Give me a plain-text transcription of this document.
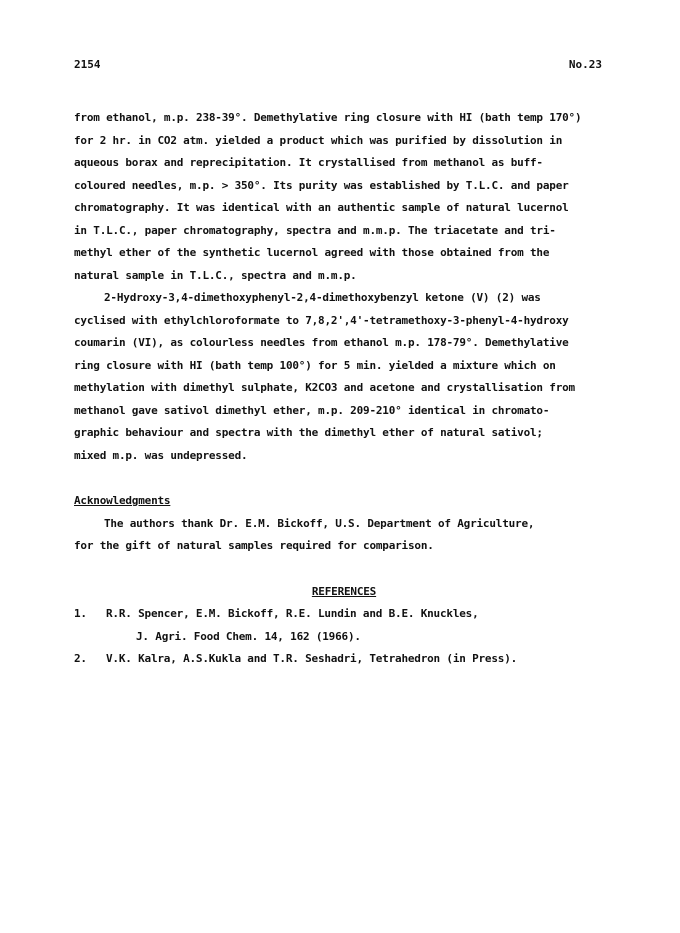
2154	No.23
from ethanol, m.p. 238-39°. Demethylative ring closure with HI (bath temp 170°)
for 2 hr. in CO2 atm. yielded a product which was purified by dissolution in
aqueous borax and reprecipitation. It crystallised from methanol as buff-
coloured needles, m.p. > 350°. Its purity was established by T.L.C. and paper
chromatography. It was identical with an authentic sample of natural lucernol
in T.L.C., paper chromatography, spectra and m.m.p. The triacetate and tri-
methyl ether of the synthetic lucernol agreed with those obtained from the
natural sample in T.L.C., spectra and m.m.p.
2-Hydroxy-3,4-dimethoxyphenyl-2,4-dimethoxybenzyl ketone (V) (2) was
cyclised with ethylchloroformate to 7,8,2',4'-tetramethoxy-3-phenyl-4-hydroxy
coumarin (VI), as colourless needles from ethanol m.p. 178-79°. Demethylative
ring closure with HI (bath temp 100°) for 5 min. yielded a mixture which on
methylation with dimethyl sulphate, K2CO3 and acetone and crystallisation from
methanol gave sativol dimethyl ether, m.p. 209-210° identical in chromato-
graphic behaviour and spectra with the dimethyl ether of natural sativol;
mixed m.p. was undepressed.
Acknowledgments
The authors thank Dr. E.M. Bickoff, U.S. Department of Agriculture,
for the gift of natural samples required for comparison.
REFERENCES
1.	R.R. Spencer, E.M. Bickoff, R.E. Lundin and B.E. Knuckles,
J. Agri. Food Chem. 14, 162 (1966).
2.	V.K. Kalra, A.S.Kukla and T.R. Seshadri, Tetrahedron (in Press).
